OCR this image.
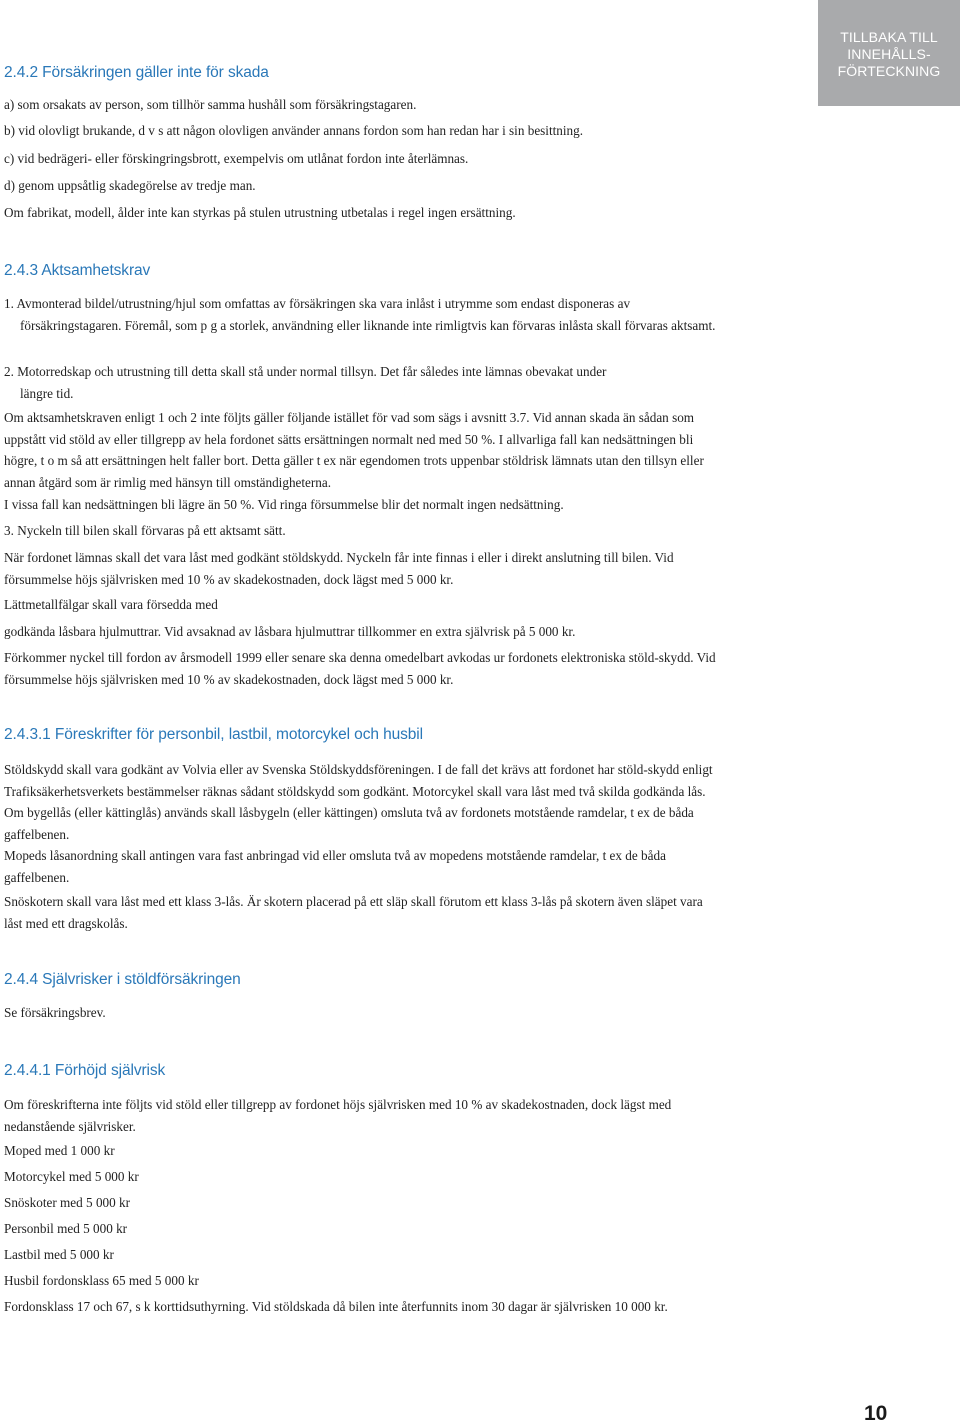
TILLBAKA TILL
INNEHÅLLS-
FÖRTECKNING
2.4.2 Försäkringen gäller inte för skada

a) som orsakats av person, som tillhör samma hushåll som försäkringstagaren.

b) vid olovligt brukande, d v s att någon olovligen använder annans fordon som han redan har i sin besittning.

c) vid bedrägeri- eller förskingringsbrott, exempelvis om utlånat fordon inte återlämnas.

d) genom uppsåtlig skadegörelse av tredje man.

Om fabrikat, modell, ålder inte kan styrkas på stulen utrustning utbetalas i regel ingen ersättning.

2.4.3 Aktsamhetskrav

1. Avmonterad bildel/utrustning/hjul som omfattas av försäkringen ska vara inlåst i utrymme som endast disponeras av
försäkringstagaren. Föremål, som p g a storlek, användning eller liknande inte rimligtvis kan förvaras inlåsta skall förvaras aktsamt.

2. Motorredskap och utrustning till detta skall stå under normal tillsyn. Det får således inte lämnas obevakat under
längre tid.

Om aktsamhetskraven enligt 1 och 2 inte följts gäller följande istället för vad som sägs i avsnitt 3.7. Vid annan skada än sådan som uppstått vid stöld av eller tillgrepp av hela fordonet sätts ersättningen normalt ned med 50 %. I allvarliga fall kan nedsättningen bli högre, t o m så att ersättningen helt faller bort. Detta gäller t ex när egendomen trots uppenbar stöldrisk lämnats utan den tillsyn eller annan åtgärd som är rimlig med hänsyn till omständigheterna.

I vissa fall kan nedsättningen bli lägre än 50 %. Vid ringa försummelse blir det normalt ingen nedsättning.

3. Nyckeln till bilen skall förvaras på ett aktsamt sätt.

När fordonet lämnas skall det vara låst med godkänt stöldskydd. Nyckeln får inte finnas i eller i direkt anslutning till bilen. Vid försummelse höjs självrisken med 10 % av skadekostnaden, dock lägst med 5 000 kr.

Lättmetallfälgar skall vara försedda med

godkända låsbara hjulmuttrar. Vid avsaknad av låsbara hjulmuttrar tillkommer en extra självrisk på 5 000 kr.

Förkommer nyckel till fordon av årsmodell 1999 eller senare ska denna omedelbart avkodas ur fordonets elektroniska stöld-skydd. Vid försummelse höjs självrisken med 10 % av skadekostnaden, dock lägst med 5 000 kr.

2.4.3.1 Föreskrifter för personbil, lastbil, motorcykel och husbil

Stöldskydd skall vara godkänt av Volvia eller av Svenska Stöldskyddsföreningen. I de fall det krävs att fordonet har stöld-skydd enligt Trafiksäkerhetsverkets bestämmelser räknas sådant stöldskydd som godkänt. Motorcykel skall vara låst med två skilda godkända lås. Om bygellås (eller kättinglås) används skall låsbygeln (eller kättingen) omsluta två av fordonets motstående ramdelar, t ex de båda gaffelbenen.

Mopeds låsanordning skall antingen vara fast anbringad vid eller omsluta två av mopedens motstående ramdelar, t ex de båda gaffelbenen.

Snöskotern skall vara låst med ett klass 3-lås. Är skotern placerad på ett släp skall förutom ett klass 3-lås på skotern även släpet vara låst med ett dragskolås.

2.4.4 Självrisker i stöldförsäkringen

Se försäkringsbrev.

2.4.4.1 Förhöjd självrisk

Om föreskrifterna inte följts vid stöld eller tillgrepp av fordonet höjs självrisken med 10 % av skadekostnaden, dock lägst med nedanstående självrisker.

Moped med 1 000 kr

Motorcykel med 5 000 kr

Snöskoter med 5 000 kr

Personbil med 5 000 kr

Lastbil med 5 000 kr

Husbil fordonsklass 65 med 5 000 kr

Fordonsklass 17 och 67, s k korttidsuthyrning. Vid stöldskada då bilen inte återfunnits inom 30 dagar är självrisken 10 000 kr.

10
